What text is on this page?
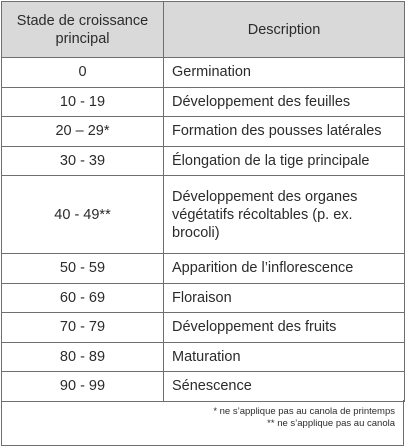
Stade de croissance principal	Description
0	Germination
10 - 19	Développement des feuilles
20 – 29*	Formation des pousses latérales
30 - 39	Élongation de la tige principale
40 - 49**	Développement des organes végétatifs récoltables (p. ex. brocoli)
50 - 59	Apparition de l’inflorescence
60 - 69	Floraison
70 - 79	Développement des fruits
80 - 89	Maturation
90 - 99	Sénescence
* ne s’applique pas au canola de printemps
** ne s’applique pas au canola
